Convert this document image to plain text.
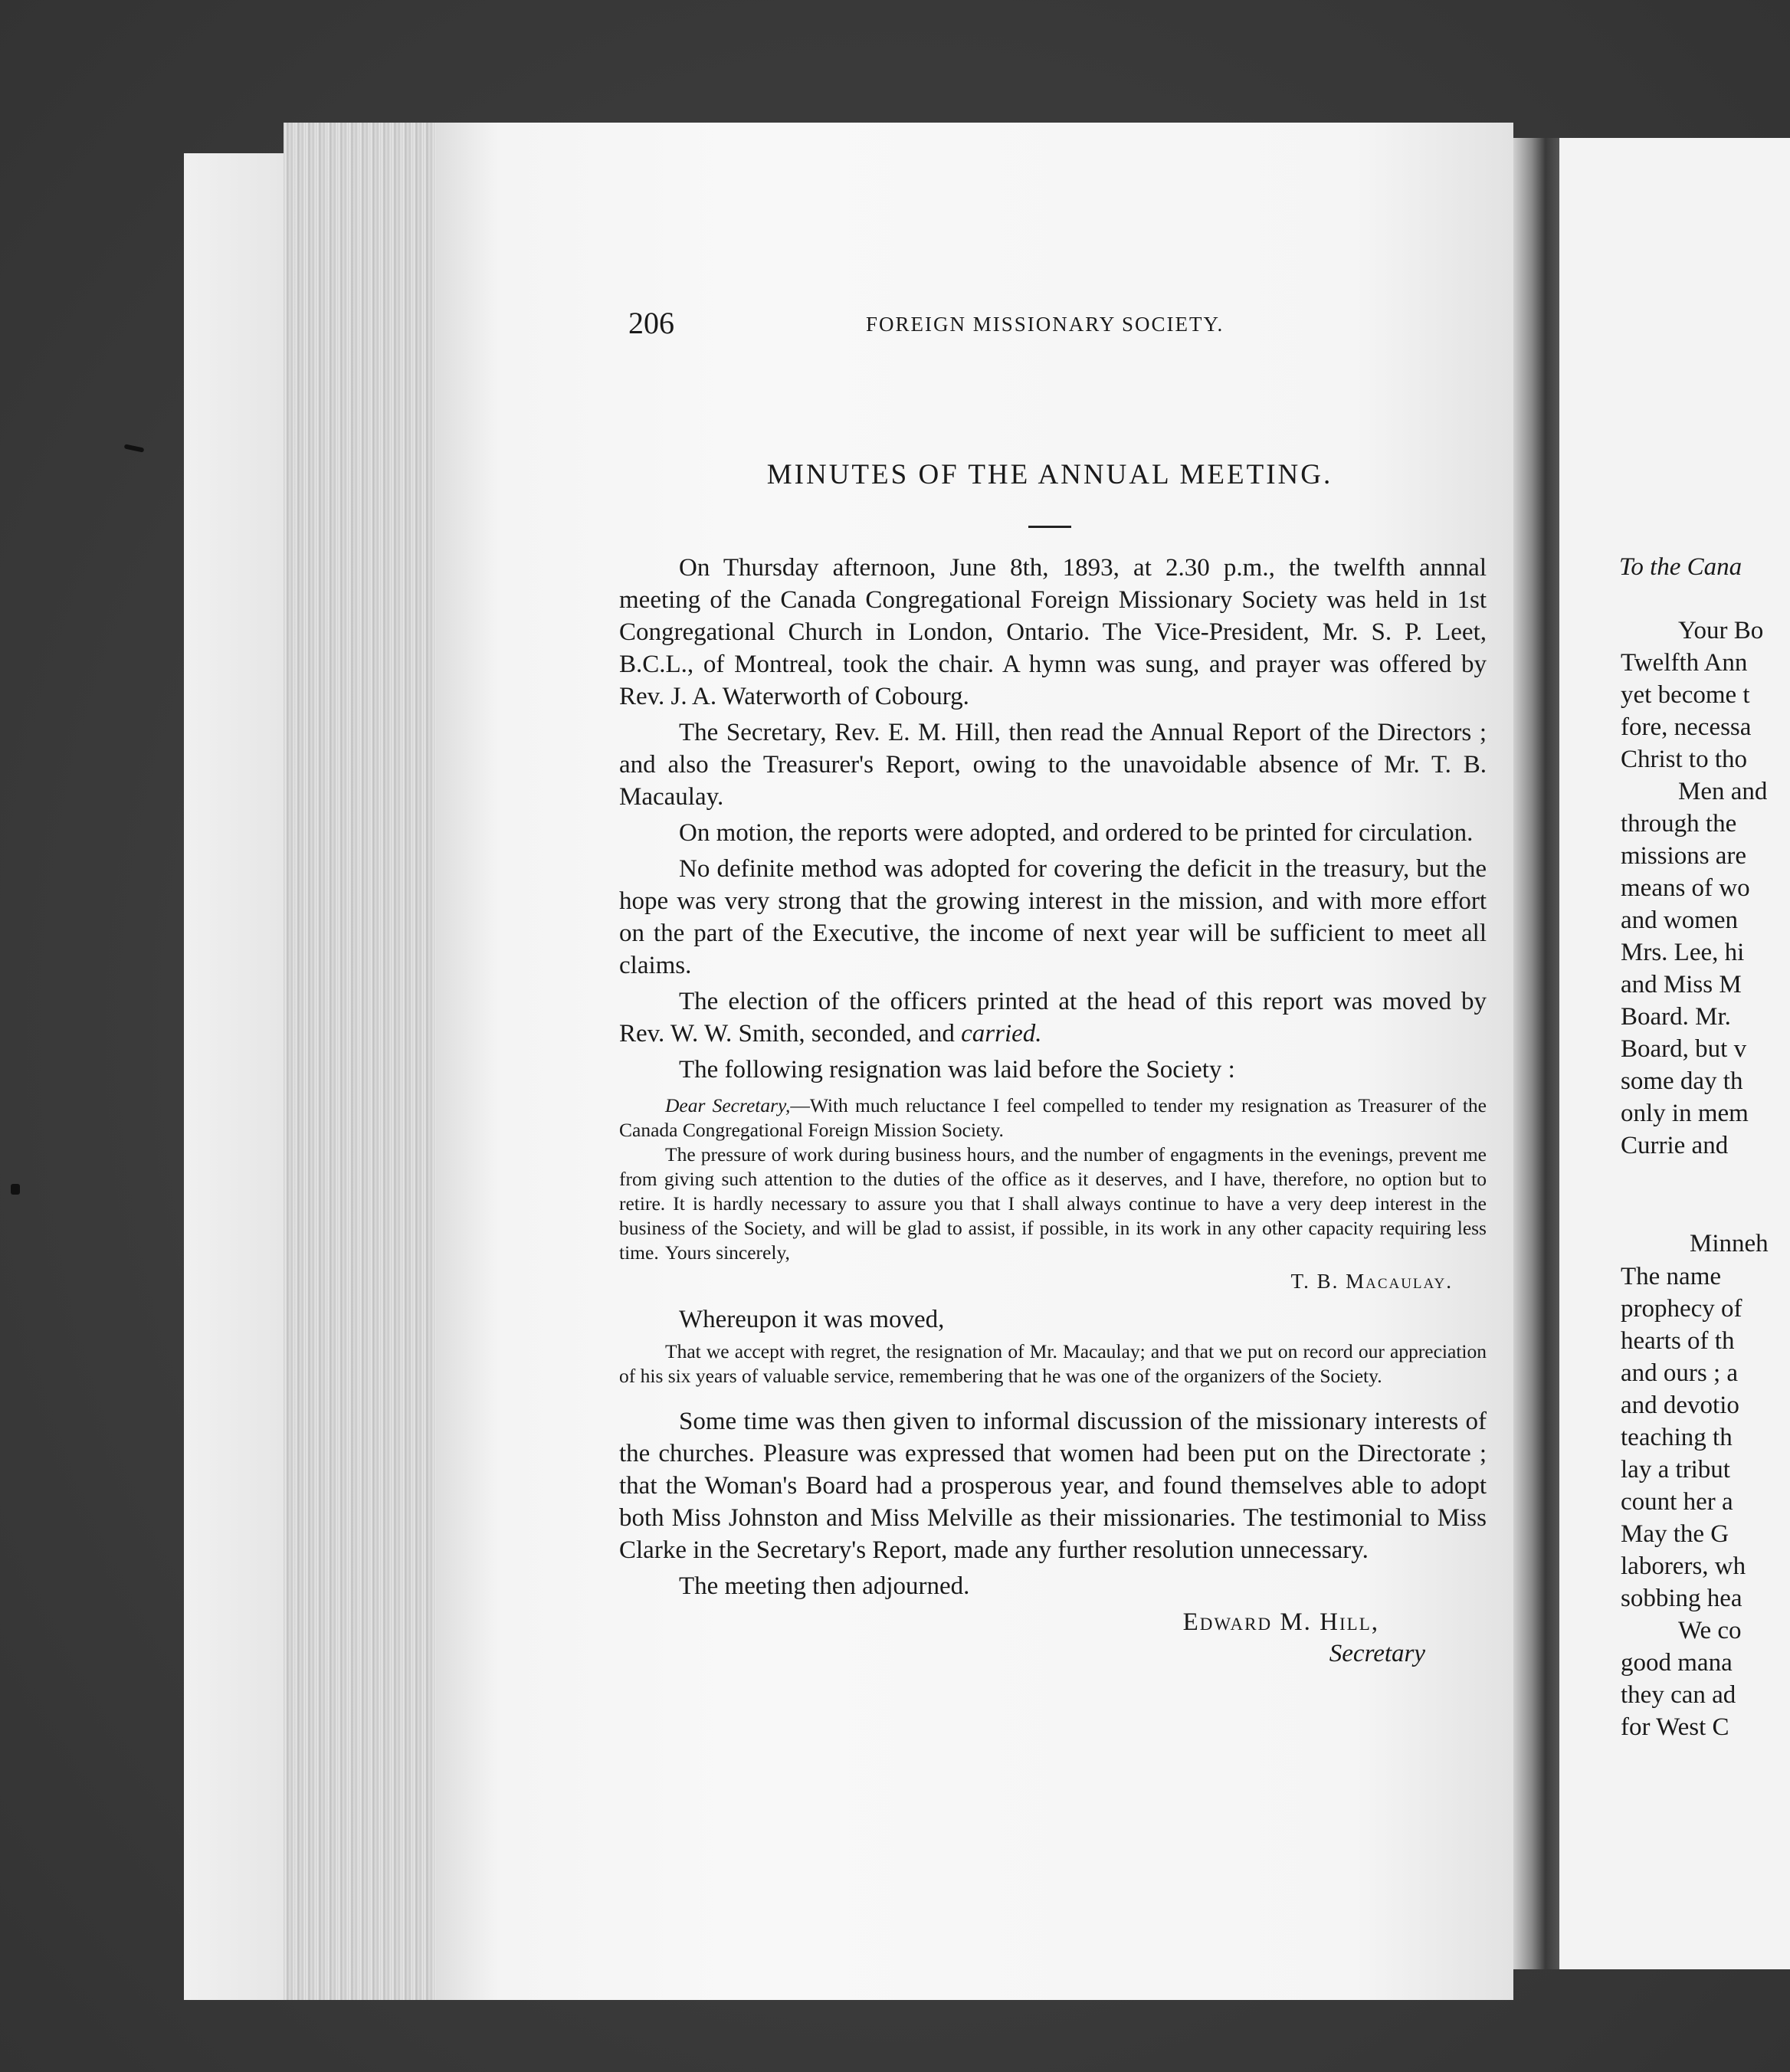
To the Cana
Your Bo
Twelfth Ann
yet become t
fore, necessa
Christ to tho
Men and
through the
missions are
means of wo
and women
Mrs. Lee, hi
and Miss M
Board. Mr.
Board, but v
some day th
only in mem
Currie and
Minneh
The name
prophecy of
hearts of th
and ours ; a
and devotio
teaching th
lay a tribut
count her a
May the G
laborers, wh
sobbing hea
We co
good mana
they can ad
for West C
206	FOREIGN MISSIONARY SOCIETY.
MINUTES OF THE ANNUAL MEETING.

On Thursday afternoon, June 8th, 1893, at 2.30 p.m., the twelfth annnal meeting of the Canada Congregational Foreign Missionary Society was held in 1st Congregational Church in London, Ontario. The Vice-President, Mr. S. P. Leet, B.C.L., of Montreal, took the chair. A hymn was sung, and prayer was offered by Rev. J. A. Waterworth of Cobourg.

The Secretary, Rev. E. M. Hill, then read the Annual Report of the Directors ; and also the Treasurer's Report, owing to the unavoidable absence of Mr. T. B. Macaulay.

On motion, the reports were adopted, and ordered to be printed for circulation.

No definite method was adopted for covering the deficit in the treasury, but the hope was very strong that the growing interest in the mission, and with more effort on the part of the Executive, the income of next year will be sufficient to meet all claims.

The election of the officers printed at the head of this report was moved by Rev. W. W. Smith, seconded, and carried.

The following resignation was laid before the Society :

Dear Secretary,—With much reluctance I feel compelled to tender my resignation as Treasurer of the Canada Congregational Foreign Mission Society.

The pressure of work during business hours, and the number of engagments in the evenings, prevent me from giving such attention to the duties of the office as it deserves, and I have, therefore, no option but to retire. It is hardly necessary to assure you that I shall always continue to have a very deep interest in the business of the Society, and will be glad to assist, if possible, in its work in any other capacity requiring less time. Yours sincerely,

T. B. Macaulay.

Whereupon it was moved,

That we accept with regret, the resignation of Mr. Macaulay; and that we put on record our appreciation of his six years of valuable service, remembering that he was one of the organizers of the Society.

Some time was then given to informal discussion of the missionary interests of the churches. Pleasure was expressed that women had been put on the Directorate ; that the Woman's Board had a prosperous year, and found themselves able to adopt both Miss Johnston and Miss Melville as their missionaries. The testimonial to Miss Clarke in the Secretary's Report, made any further resolution unnecessary.

The meeting then adjourned.

Edward M. Hill,

Secretary
